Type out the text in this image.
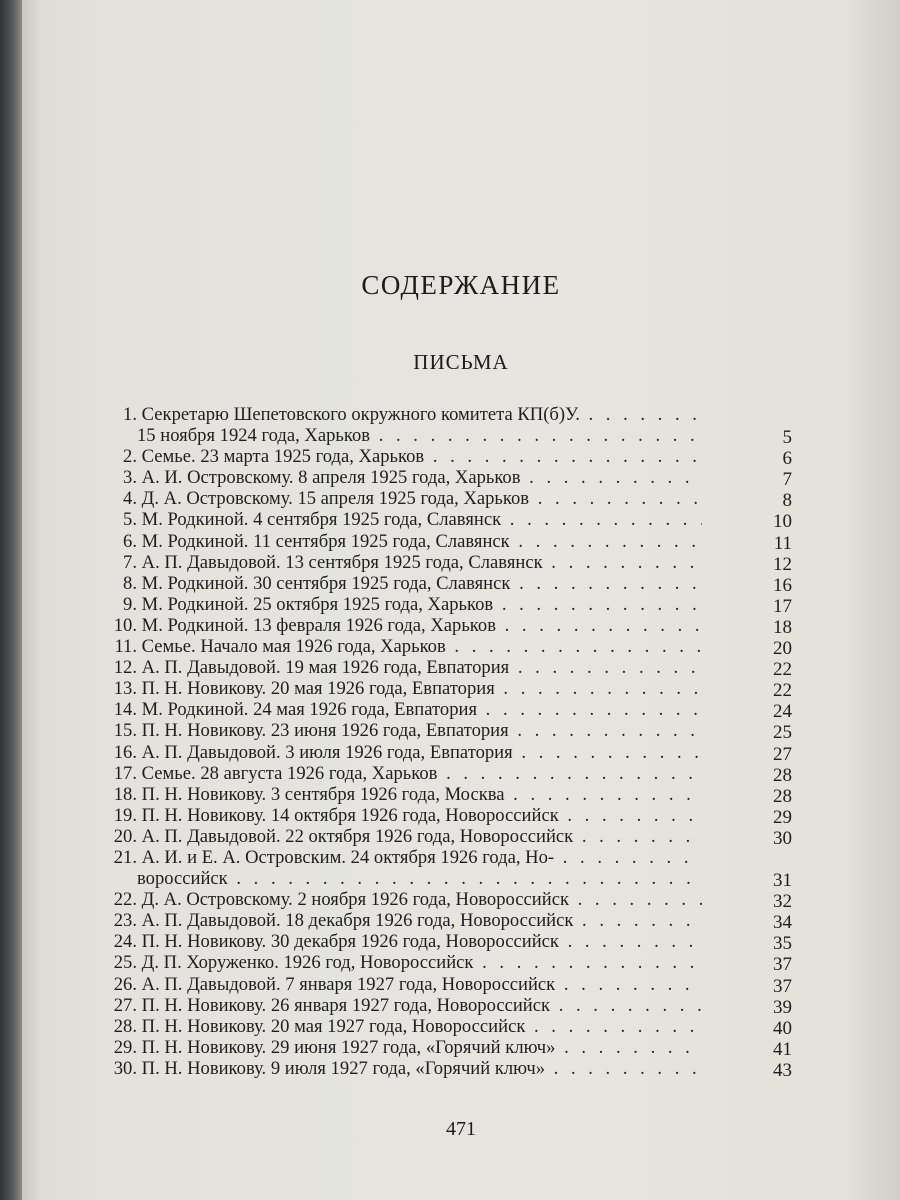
СОДЕРЖАНИЕ
ПИСЬМА
1. Секретарю Шепетовского окружного комитета КП(б)У. . . .
15 ноября 1924 года, Харьков . . .	5
2. Семье. 23 марта 1925 года, Харьков . . .	6
3. А. И. Островскому. 8 апреля 1925 года, Харьков . . .	7
4. Д. А. Островскому. 15 апреля 1925 года, Харьков . . .	8
5. М. Родкиной. 4 сентября 1925 года, Славянск . . .	10
6. М. Родкиной. 11 сентября 1925 года, Славянск . . .	11
7. А. П. Давыдовой. 13 сентября 1925 года, Славянск . . .	12
8. М. Родкиной. 30 сентября 1925 года, Славянск . . .	16
9. М. Родкиной. 25 октября 1925 года, Харьков . . .	17
10. М. Родкиной. 13 февраля 1926 года, Харьков . . .	18
11. Семье. Начало мая 1926 года, Харьков . . .	20
12. А. П. Давыдовой. 19 мая 1926 года, Евпатория . . .	22
13. П. Н. Новикову. 20 мая 1926 года, Евпатория . . .	22
14. М. Родкиной. 24 мая 1926 года, Евпатория . . .	24
15. П. Н. Новикову. 23 июня 1926 года, Евпатория . . .	25
16. А. П. Давыдовой. 3 июля 1926 года, Евпатория . . .	27
17. Семье. 28 августа 1926 года, Харьков . . .	28
18. П. Н. Новикову. 3 сентября 1926 года, Москва . . .	28
19. П. Н. Новикову. 14 октября 1926 года, Новороссийск . . .	29
20. А. П. Давыдовой. 22 октября 1926 года, Новороссийск . . .	30
21. А. И. и Е. А. Островским. 24 октября 1926 года, Но- . . .
вороссийск . . .	31
22. Д. А. Островскому. 2 ноября 1926 года, Новороссийск . . .	32
23. А. П. Давыдовой. 18 декабря 1926 года, Новороссийск . . .	34
24. П. Н. Новикову. 30 декабря 1926 года, Новороссийск . . .	35
25. Д. П. Хоруженко. 1926 год, Новороссийск . . .	37
26. А. П. Давыдовой. 7 января 1927 года, Новороссийск . . .	37
27. П. Н. Новикову. 26 января 1927 года, Новороссийск . . .	39
28. П. Н. Новикову. 20 мая 1927 года, Новороссийск . . .	40
29. П. Н. Новикову. 29 июня 1927 года, «Горячий ключ» . . .	41
30. П. Н. Новикову. 9 июля 1927 года, «Горячий ключ» . . .	43
471
